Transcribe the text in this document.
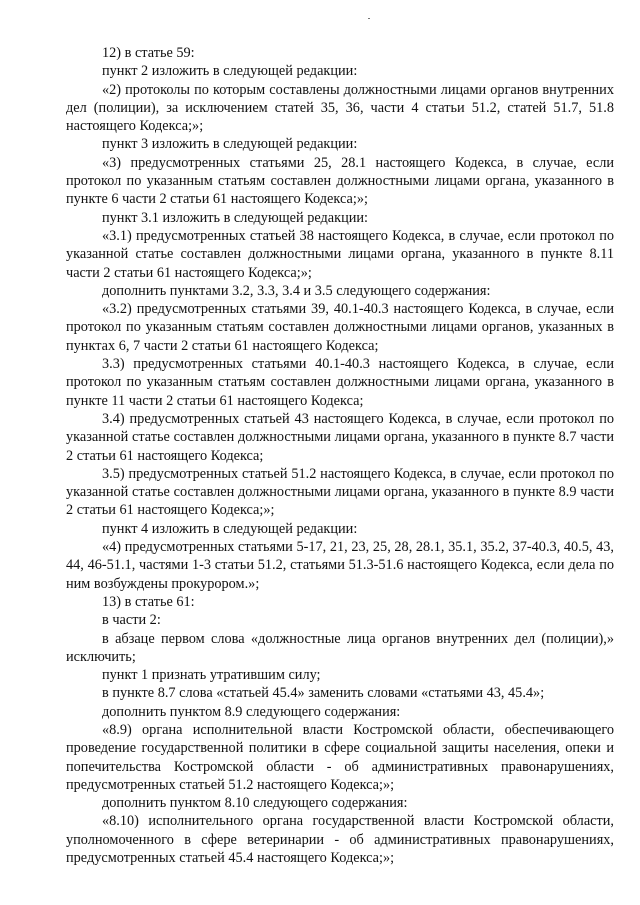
12) в статье 59:

пункт 2 изложить в следующей редакции:

«2) протоколы по которым составлены должностными лицами органов внутренних дел (полиции), за исключением статей 35, 36, части 4 статьи 51.2, статей 51.7, 51.8 настоящего Кодекса;»;

пункт 3 изложить в следующей редакции:

«3) предусмотренных статьями 25, 28.1 настоящего Кодекса, в случае, если протокол по указанным статьям составлен должностными лицами органа, указанного в пункте 6 части 2 статьи 61 настоящего Кодекса;»;

пункт 3.1 изложить в следующей редакции:

«3.1) предусмотренных статьей 38 настоящего Кодекса, в случае, если протокол по указанной статье составлен должностными лицами органа, указанного в пункте 8.11 части 2 статьи 61 настоящего Кодекса;»;

дополнить пунктами 3.2, 3.3, 3.4 и 3.5 следующего содержания:

«3.2) предусмотренных статьями 39, 40.1-40.3 настоящего Кодекса, в случае, если протокол по указанным статьям составлен должностными лицами органов, указанных в пунктах 6, 7 части 2 статьи 61 настоящего Кодекса;

3.3) предусмотренных статьями 40.1-40.3 настоящего Кодекса, в случае, если протокол по указанным статьям составлен должностными лицами органа, указанного в пункте 11 части 2 статьи 61 настоящего Кодекса;

3.4) предусмотренных статьей 43 настоящего Кодекса, в случае, если протокол по указанной статье составлен должностными лицами органа, указанного в пункте 8.7 части 2 статьи 61 настоящего Кодекса;

3.5) предусмотренных статьей 51.2 настоящего Кодекса, в случае, если протокол по указанной статье составлен должностными лицами органа, указанного в пункте 8.9 части 2 статьи 61 настоящего Кодекса;»;

пункт 4 изложить в следующей редакции:

«4) предусмотренных статьями 5-17, 21, 23, 25, 28, 28.1, 35.1, 35.2, 37-40.3, 40.5, 43, 44, 46-51.1, частями 1-3 статьи 51.2, статьями 51.3-51.6 настоящего Кодекса, если дела по ним возбуждены прокурором.»;

13) в статье 61:

в части 2:

в абзаце первом слова «должностные лица органов внутренних дел (полиции),» исключить;

пункт 1 признать утратившим силу;

в пункте 8.7 слова «статьей 45.4» заменить словами «статьями 43, 45.4»;

дополнить пунктом 8.9 следующего содержания:

«8.9) органа исполнительной власти Костромской области, обеспечивающего проведение государственной политики в сфере социальной защиты населения, опеки и попечительства Костромской области - об административных правонарушениях, предусмотренных статьей 51.2 настоящего Кодекса;»;

дополнить пунктом 8.10 следующего содержания:

«8.10) исполнительного органа государственной власти Костромской области, уполномоченного в сфере ветеринарии - об административных правонарушениях, предусмотренных статьей 45.4 настоящего Кодекса;»;
